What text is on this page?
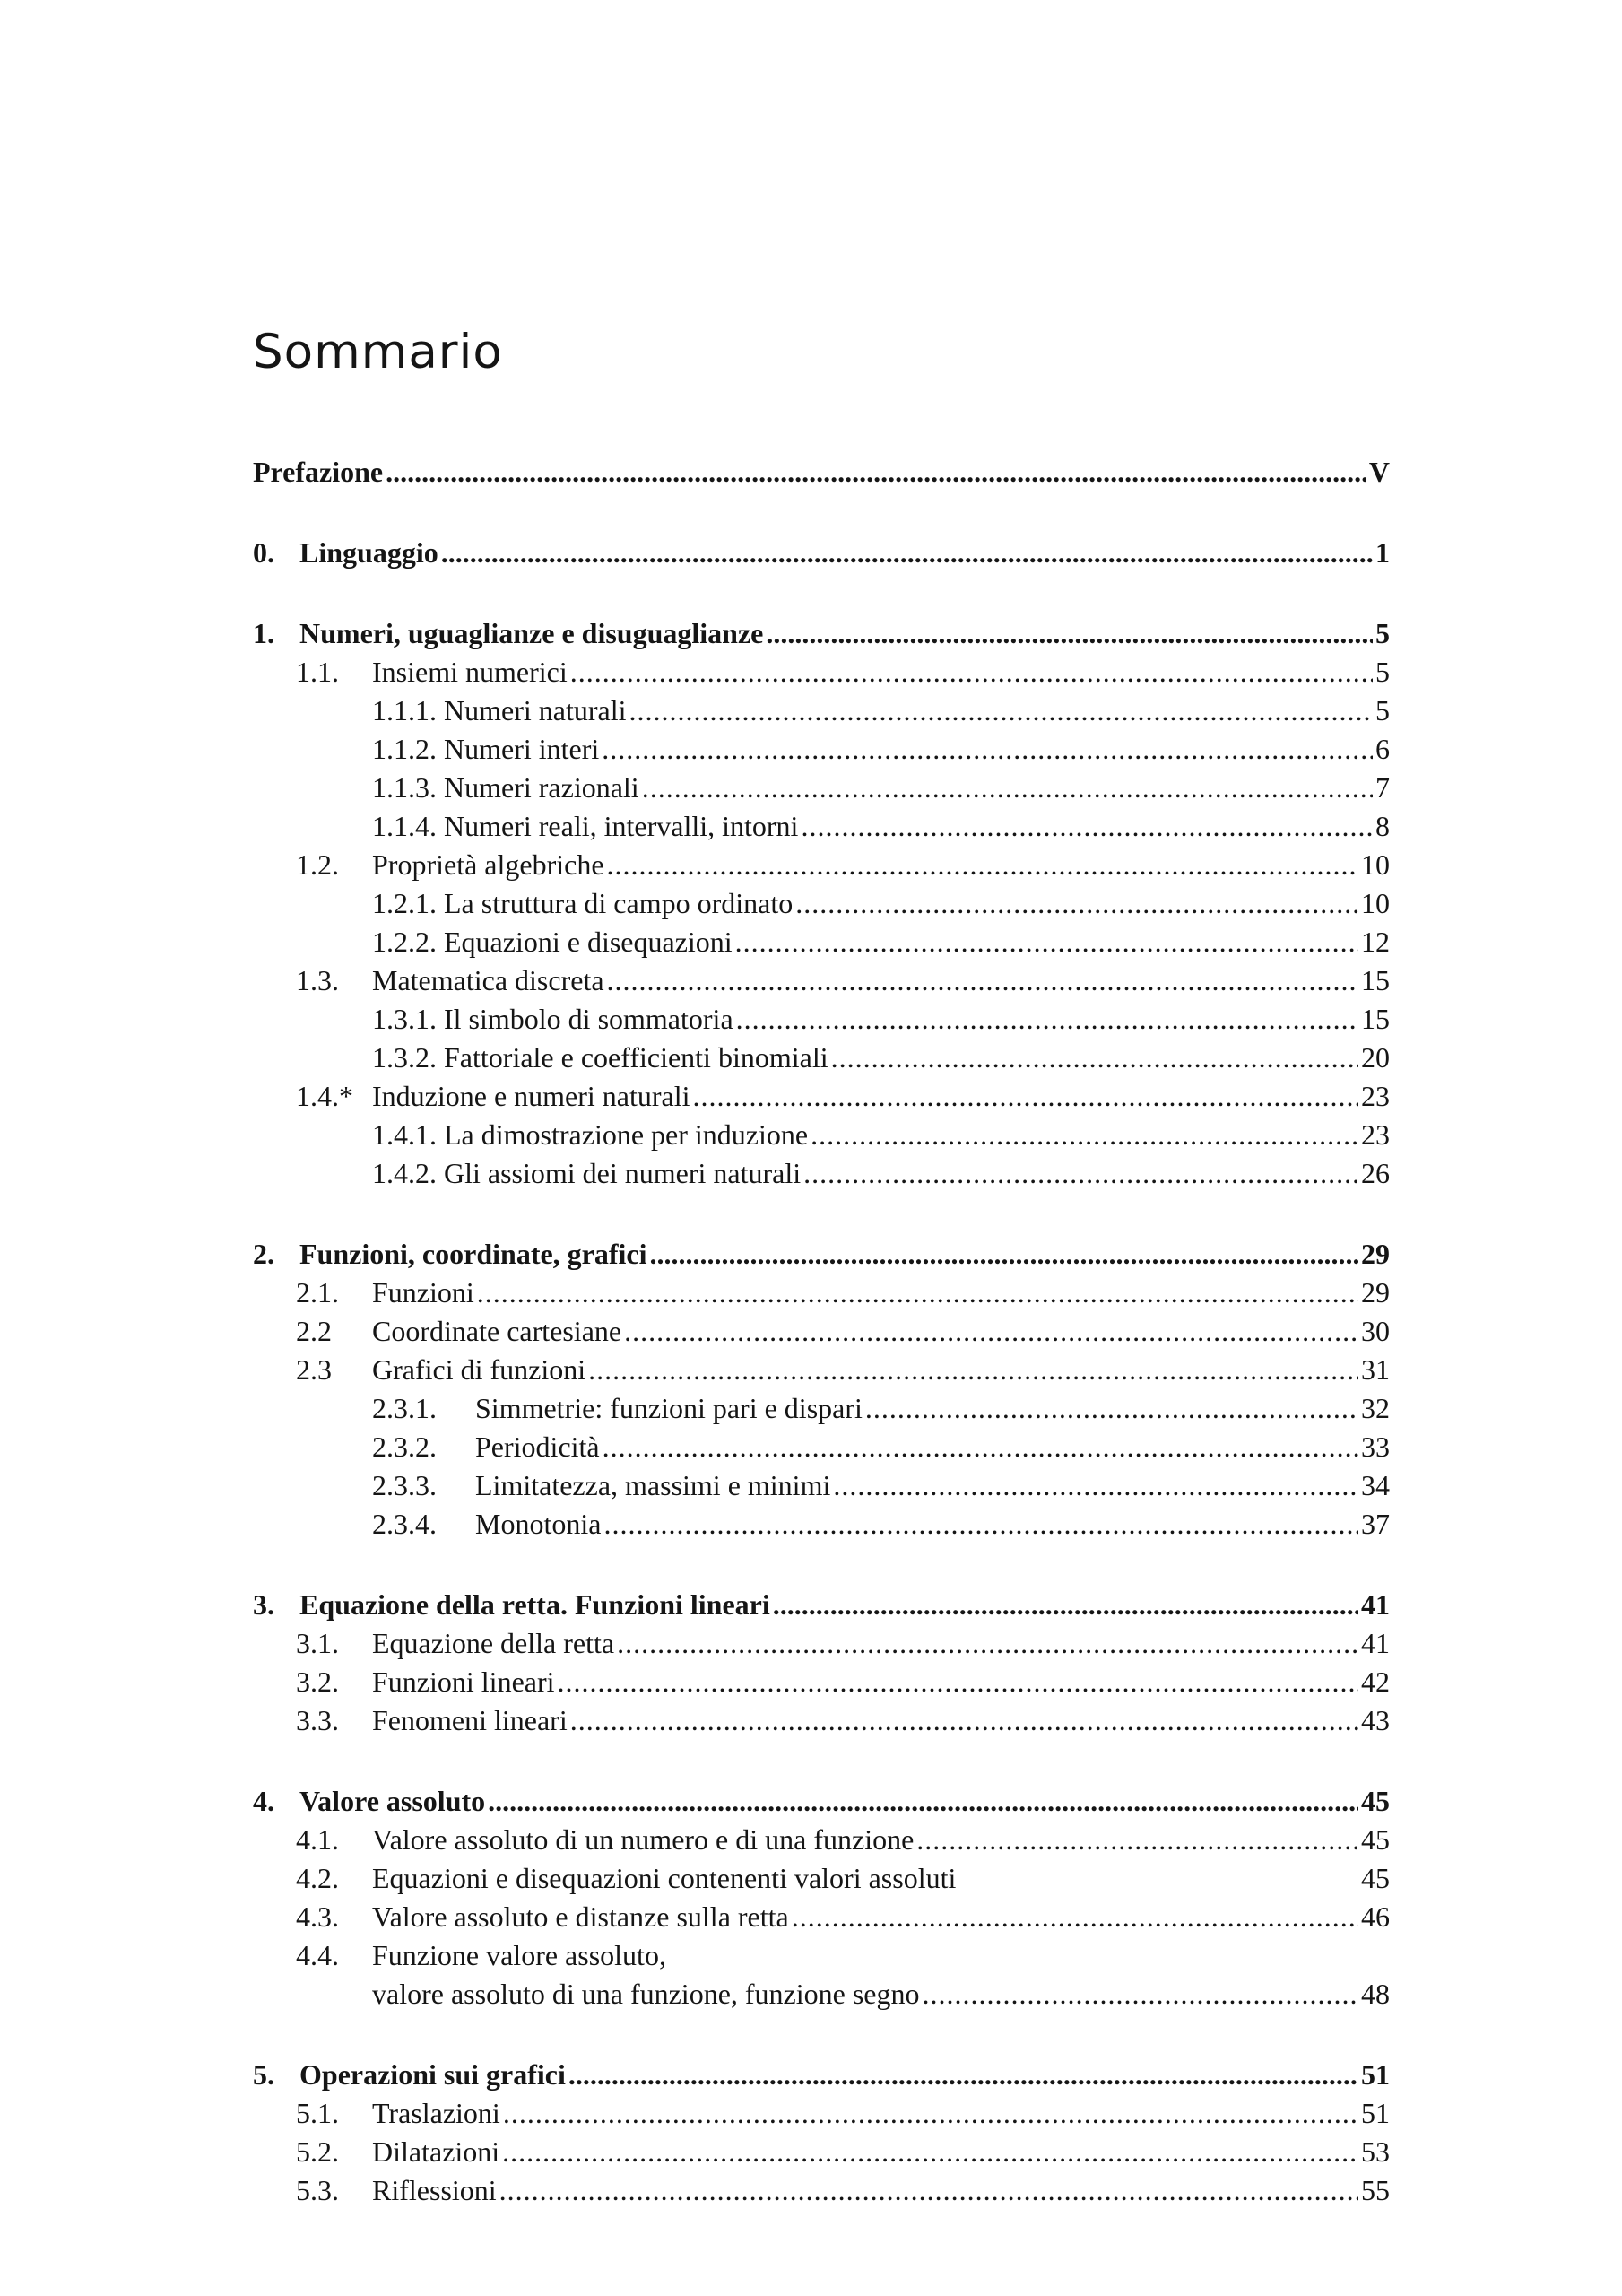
Sommario
Prefazione .....	V
0. Linguaggio .....	1
1. Numeri, uguaglianze e disuguaglianze .....	5
1.1.	Insiemi numerici .....	5
1.1.1. Numeri naturali .....	5
1.1.2. Numeri interi .....	6
1.1.3. Numeri razionali .....	7
1.1.4. Numeri reali, intervalli, intorni .....	8
1.2.	Proprietà algebriche .....	10
1.2.1. La struttura di campo ordinato .....	10
1.2.2. Equazioni e disequazioni .....	12
1.3.	Matematica discreta .....	15
1.3.1. Il simbolo di sommatoria .....	15
1.3.2. Fattoriale e coefficienti binomiali .....	20
1.4.* Induzione e numeri naturali .....	23
1.4.1. La dimostrazione per induzione .....	23
1.4.2. Gli assiomi dei numeri naturali .....	26
2. Funzioni, coordinate, grafici .....	29
2.1.	Funzioni .....	29
2.2	Coordinate cartesiane .....	30
2.3	Grafici di funzioni .....	31
2.3.1.	Simmetrie: funzioni pari e dispari .....	32
2.3.2.	Periodicità .....	33
2.3.3.	Limitatezza, massimi e minimi .....	34
2.3.4.	Monotonia .....	37
3. Equazione della retta. Funzioni lineari .....	41
3.1.	Equazione della retta .....	41
3.2.	Funzioni lineari .....	42
3.3.	Fenomeni lineari .....	43
4. Valore assoluto .....	45
4.1.	Valore assoluto di un numero e di una funzione .....	45
4.2.	Equazioni e disequazioni contenenti valori assoluti	45
4.3.	Valore assoluto e distanze sulla retta .....	46
4.4.	Funzione valore assoluto,
valore assoluto di una funzione, funzione segno .....	48
5. Operazioni sui grafici .....	51
5.1.	Traslazioni .....	51
5.2.	Dilatazioni .....	53
5.3.	Riflessioni .....	55
